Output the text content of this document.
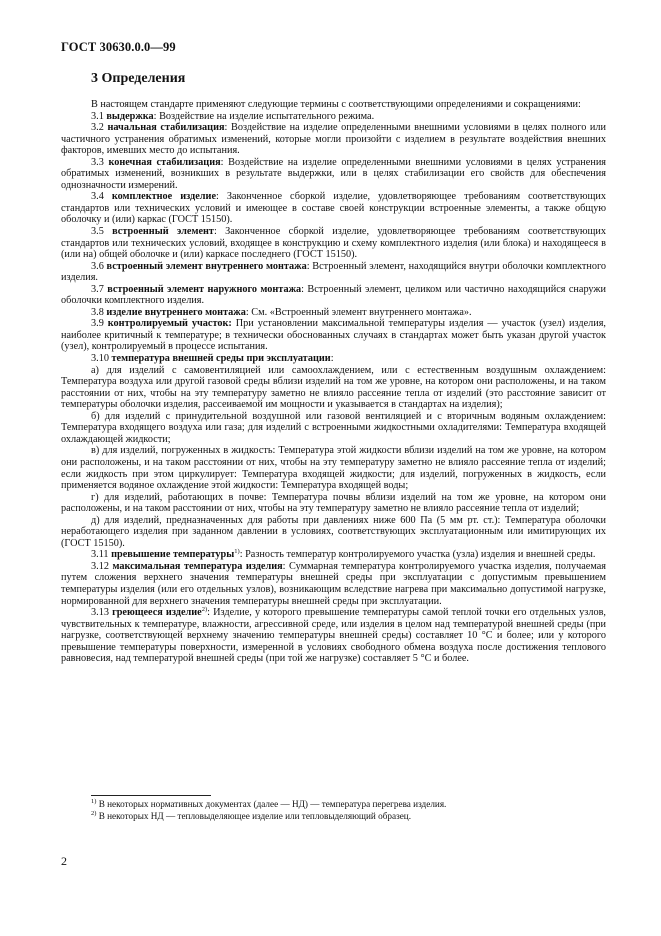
ГОСТ 30630.0.0—99
3 Определения

В настоящем стандарте применяют следующие термины с соответствующими определениями и сокращениями:

3.1 выдержка: Воздействие на изделие испытательного режима.

3.2 начальная стабилизация: Воздействие на изделие определенными внешними условиями в целях полного или частичного устранения обратимых изменений, которые могли произойти с изделием в результате воздействия внешних факторов, имевших место до испытания.

3.3 конечная стабилизация: Воздействие на изделие определенными внешними условиями в целях устранения обратимых изменений, возникших в результате выдержки, или в целях стабилизации его свойств для обеспечения однозначности измерений.

3.4 комплектное изделие: Законченное сборкой изделие, удовлетворяющее требованиям соответствующих стандартов или технических условий и имеющее в составе своей конструкции встроенные элементы, а также общую оболочку и (или) каркас (ГОСТ 15150).

3.5 встроенный элемент: Законченное сборкой изделие, удовлетворяющее требованиям соответствующих стандартов или технических условий, входящее в конструкцию и схему комплектного изделия (или блока) и находящееся в (или на) общей оболочке и (или) каркасе последнего (ГОСТ 15150).

3.6 встроенный элемент внутреннего монтажа: Встроенный элемент, находящийся внутри оболочки комплектного изделия.

3.7 встроенный элемент наружного монтажа: Встроенный элемент, целиком или частично находящийся снаружи оболочки комплектного изделия.

3.8 изделие внутреннего монтажа: См. «Встроенный элемент внутреннего монтажа».

3.9 контролируемый участок: При установлении максимальной температуры изделия — участок (узел) изделия, наиболее критичный к температуре; в технически обоснованных случаях в стандартах может быть указан другой участок (узел), контролируемый в процессе испытания.

3.10 температура внешней среды при эксплуатации:

а) для изделий с самовентиляцией или самоохлаждением, или с естественным воздушным охлаждением: Температура воздуха или другой газовой среды вблизи изделий на том же уровне, на котором они расположены, и на таком расстоянии от них, чтобы на эту температуру заметно не влияло рассеяние тепла от изделий (это расстояние зависит от температуры оболочки изделия, рассеиваемой им мощности и указывается в стандартах на изделия);

б) для изделий с принудительной воздушной или газовой вентиляцией и с вторичным водяным охлаждением: Температура входящего воздуха или газа; для изделий с встроенными жидкостными охладителями: Температура входящей охлаждающей жидкости;

в) для изделий, погруженных в жидкость: Температура этой жидкости вблизи изделий на том же уровне, на котором они расположены, и на таком расстоянии от них, чтобы на эту температуру заметно не влияло рассеяние тепла от изделий; если жидкость при этом циркулирует: Температура входящей жидкости; для изделий, погруженных в жидкость, если применяется водяное охлаждение этой жидкости: Температура входящей воды;

г) для изделий, работающих в почве: Температура почвы вблизи изделий на том же уровне, на котором они расположены, и на таком расстоянии от них, чтобы на эту температуру заметно не влияло рассеяние тепла от изделий;

д) для изделий, предназначенных для работы при давлениях ниже 600 Па (5 мм рт. ст.): Температура оболочки неработающего изделия при заданном давлении в условиях, соответствующих эксплуатационным или имитирующих их (ГОСТ 15150).

3.11 превышение температуры$^{1)}$: Разность температур контролируемого участка (узла) изделия и внешней среды.

3.12 максимальная температура изделия: Суммарная температура контролируемого участка изделия, получаемая путем сложения верхнего значения температуры внешней среды при эксплуатации с допустимым превышением температуры изделия (или его отдельных узлов), возникающим вследствие нагрева при максимально допустимой нагрузке, нормированной для верхнего значения температуры внешней среды при эксплуатации.

3.13 греющееся изделие$^{2)}$: Изделие, у которого превышение температуры самой теплой точки его отдельных узлов, чувствительных к температуре, влажности, агрессивной среде, или изделия в целом над температурой внешней среды (при нагрузке, соответствующей верхнему значению температуры внешней среды) составляет 10 °С и более; или у которого превышение температуры поверхности, измеренной в условиях свободного обмена воздуха после достижения теплового равновесия, над температурой внешней среды (при той же нагрузке) составляет 5 °С и более.

$^{1)}$ В некоторых нормативных документах (далее — НД) — температура перегрева изделия.

$^{2)}$ В некоторых НД — тепловыделяющее изделие или тепловыделяющий образец.

2
